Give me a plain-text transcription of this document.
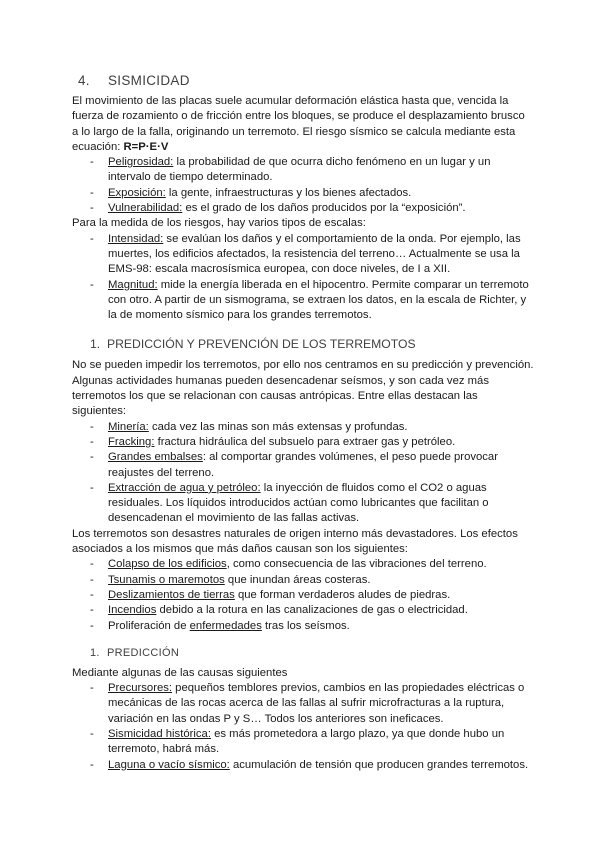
4. SISMICIDAD

El movimiento de las placas suele acumular deformación elástica hasta que, vencida la fuerza de rozamiento o de fricción entre los bloques, se produce el desplazamiento brusco a lo largo de la falla, originando un terremoto. El riesgo sísmico se calcula mediante esta ecuación: R=P·E·V

- Peligrosidad: la probabilidad de que ocurra dicho fenómeno en un lugar y un intervalo de tiempo determinado.
- Exposición: la gente, infraestructuras y los bienes afectados.
- Vulnerabilidad: es el grado de los daños producidos por la “exposición”.

Para la medida de los riesgos, hay varios tipos de escalas:

- Intensidad: se evalúan los daños y el comportamiento de la onda. Por ejemplo, las muertes, los edificios afectados, la resistencia del terreno… Actualmente se usa la EMS-98: escala macrosísmica europea, con doce niveles, de I a XII.
- Magnitud: mide la energía liberada en el hipocentro. Permite comparar un terremoto con otro. A partir de un sismograma, se extraen los datos, en la escala de Richter, y la de momento sísmico para los grandes terremotos.
1. PREDICCIÓN Y PREVENCIÓN DE LOS TERREMOTOS

No se pueden impedir los terremotos, por ello nos centramos en su predicción y prevención. Algunas actividades humanas pueden desencadenar seísmos, y son cada vez más terremotos los que se relacionan con causas antrópicas. Entre ellas destacan las siguientes:

- Minería: cada vez las minas son más extensas y profundas.
- Fracking: fractura hidráulica del subsuelo para extraer gas y petróleo.
- Grandes embalses: al comportar grandes volúmenes, el peso puede provocar reajustes del terreno.
- Extracción de agua y petróleo: la inyección de fluidos como el CO2 o aguas residuales. Los líquidos introducidos actúan como lubricantes que facilitan o desencadenan el movimiento de las fallas activas.

Los terremotos son desastres naturales de origen interno más devastadores. Los efectos asociados a los mismos que más daños causan son los siguientes:

- Colapso de los edificios, como consecuencia de las vibraciones del terreno.
- Tsunamis o maremotos que inundan áreas costeras.
- Deslizamientos de tierras que forman verdaderos aludes de piedras.
- Incendios debido a la rotura en las canalizaciones de gas o electricidad.
- Proliferación de enfermedades tras los seísmos.
1. PREDICCIÓN

Mediante algunas de las causas siguientes

- Precursores: pequeños temblores previos, cambios en las propiedades eléctricas o mecánicas de las rocas acerca de las fallas al sufrir microfracturas a la ruptura, variación en las ondas P y S… Todos los anteriores son ineficaces.
- Sismicidad histórica: es más prometedora a largo plazo, ya que donde hubo un terremoto, habrá más.
- Laguna o vacío sísmico: acumulación de tensión que producen grandes terremotos.
